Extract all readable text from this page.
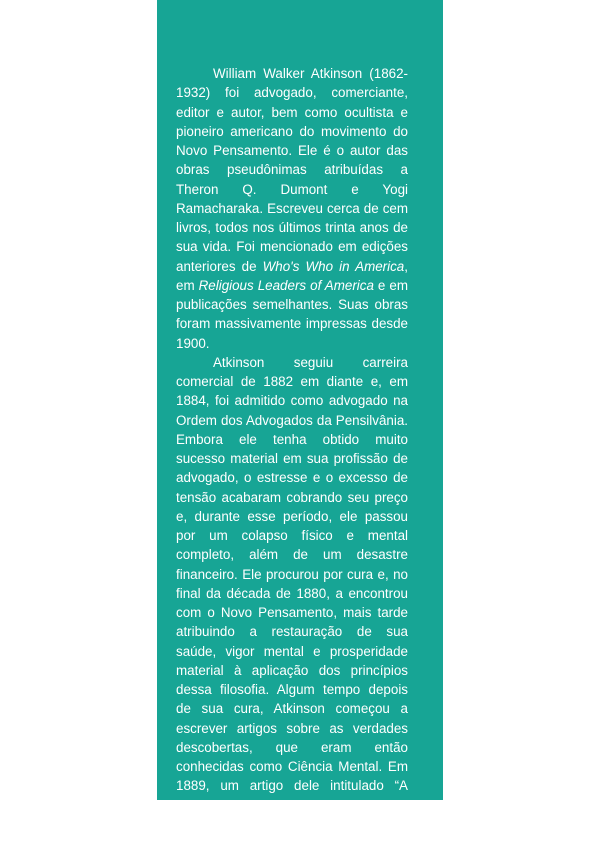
William Walker Atkinson (1862-1932) foi advogado, comerciante, editor e autor, bem como ocultista e pioneiro americano do movimento do Novo Pensamento. Ele é o autor das obras pseudônimas atribuídas a Theron Q. Dumont e Yogi Ramacharaka. Escreveu cerca de cem livros, todos nos últimos trinta anos de sua vida. Foi mencionado em edições anteriores de Who's Who in America, em Religious Leaders of America e em publicações semelhantes. Suas obras foram massivamente impressas desde 1900.

Atkinson seguiu carreira comercial de 1882 em diante e, em 1884, foi admitido como advogado na Ordem dos Advogados da Pensilvânia. Embora ele tenha obtido muito sucesso material em sua profissão de advogado, o estresse e o excesso de tensão acabaram cobrando seu preço e, durante esse período, ele passou por um colapso físico e mental completo, além de um desastre financeiro. Ele procurou por cura e, no final da década de 1880, a encontrou com o Novo Pensamento, mais tarde atribuindo a restauração de sua saúde, vigor mental e prosperidade material à aplicação dos princípios dessa filosofia. Algum tempo depois de sua cura, Atkinson começou a escrever artigos sobre as verdades descobertas, que eram então conhecidas como Ciência Mental. Em 1889, um artigo dele intitulado “A Mental Science Catechism”, apareceu no novo periódico de Charles Fillmore, Modern Thought.
